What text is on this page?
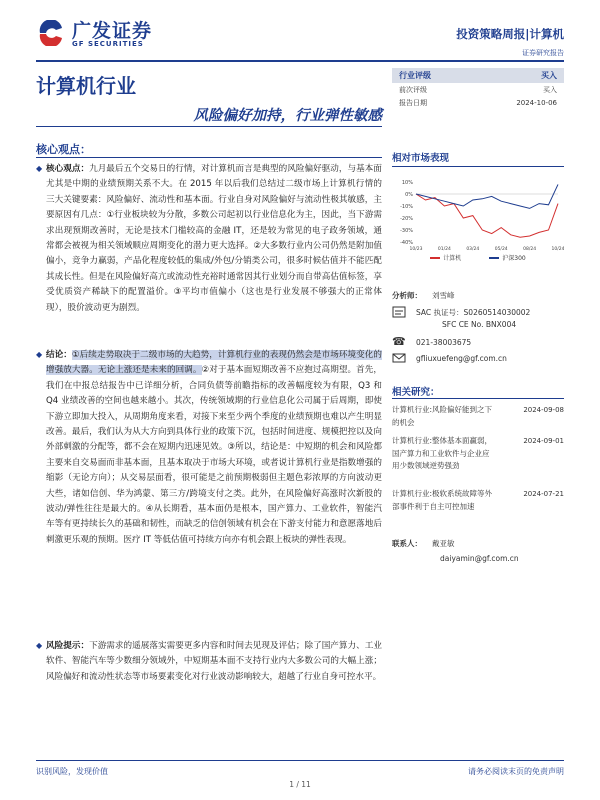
广发证券
GF SECURITIES
投资策略周报|计算机
证券研究报告
计算机行业
风险偏好加持，行业弹性敏感
行业评级	买入
前次评级	买入
报告日期	2024-10-06
核心观点：
◆ 核心观点：九月最后五个交易日的行情，对计算机而言是典型的风险偏好驱动，与基本面尤其是中期的业绩预期关系不大。在 2015 年以后我们总结过二级市场上计算机行情的三大关键要素：风险偏好、流动性和基本面。行业自身对风险偏好与流动性极其敏感，主要原因有几点：①行业板块较为分散，多数公司起初以行业信息化为主，因此，当下游需求出现预期改善时，无论是技术门槛较高的金融 IT，还是较为常见的电子政务领域，通常都会被视为相关领域顺应周期变化的潜力更大选择。②大多数行业内公司仍然是附加值偏小，竞争力赢弱，产品化程度较低的集成/外包/分销类公司，很多时候估值并不能匹配其成长性。但是在风险偏好高亢或流动性充裕时通常因其行业划分而自带高估值标签，享受优质资产稀缺下的配置溢价。③平均市值偏小（这也是行业发展不够强大的正常体现），股价波动更为剧烈。
◆ 结论：①后续走势取决于二级市场的大趋势，计算机行业的表现仍然会是市场环境变化的增强放大器。无论上涨还是未来的回调。②对于基本面短期改善不应抱过高期望。首先，我们在中报总结报告中已详细分析，合同负债等前瞻指标的改善幅度较为有限，Q3 和 Q4 业绩改善的空间也越来越小。其次，传统领域期的行业信息化公司属于后周期，即使下游立即加大投入，从周期角度来看，对接下来至少两个季度的业绩预期也难以产生明显改善。最后，我们认为从大方向到具体行业的政策下沉，包括时间进度、规模把控以及向外部刺激的分配等，都不会在短期内迅速见效。③所以，结论是：中短期的机会和风险都主要来自交易面而非基本面，且基本取决于市场大环境，或者说计算机行业是指数增强的缩影（无论方向）；从交易层面看，很可能是之前预期极弱但主题色彩浓厚的方向波动更大些，诸如信创、华为鸿蒙、第三方/跨境支付之类。此外，在风险偏好高涨时次新股的波动/弹性往往是最大的。④从长期看，基本面仍是根本，国产算力、工业软件，智能汽车等有更持续长久的基础和韧性，而缺乏的信创领域有机会在下游支付能力和意愿落地后刺激更乐观的预期。医疗 IT 等低估值可持续方向亦有机会跟上板块的弹性表现。
◆ 风险提示：下游需求的遥展落实需要更多内容和时间去见现及评估；除了国产算力、工业软件、智能汽车等少数细分领域外，中短期基本面不支持行业内大多数公司的大幅上涨；风险偏好和流动性状态等市场要素变化对行业波动影响较大，超越了行业自身可控水平。
相对市场表现
10%
0%
-10%
-20%
-30%
-40%
10/23	01/24	03/24	05/24	08/24	10/24
计算机	沪深300
分析师：	刘雪峰
SAC 执证号： S0260514030002
SFC CE No.
BNX004
☎ 021-38003675
gfliuxuefeng@gf.com.cn
相关研究：
计算机行业:风险偏好能到之下
的机会
2024-09-08
计算机行业:整体基本面赢弱，
国产算力和工业软件与企业应
用少数领域逆势强劲
2024-09-01
计算机行业:极软系统故障等外
部事件利于自主可控加速
2024-07-21
联系人：	戴亚敏
daiyamin@gf.com.cn
识别风险，发现价值	请务必阅读末页的免责声明
1 / 11
